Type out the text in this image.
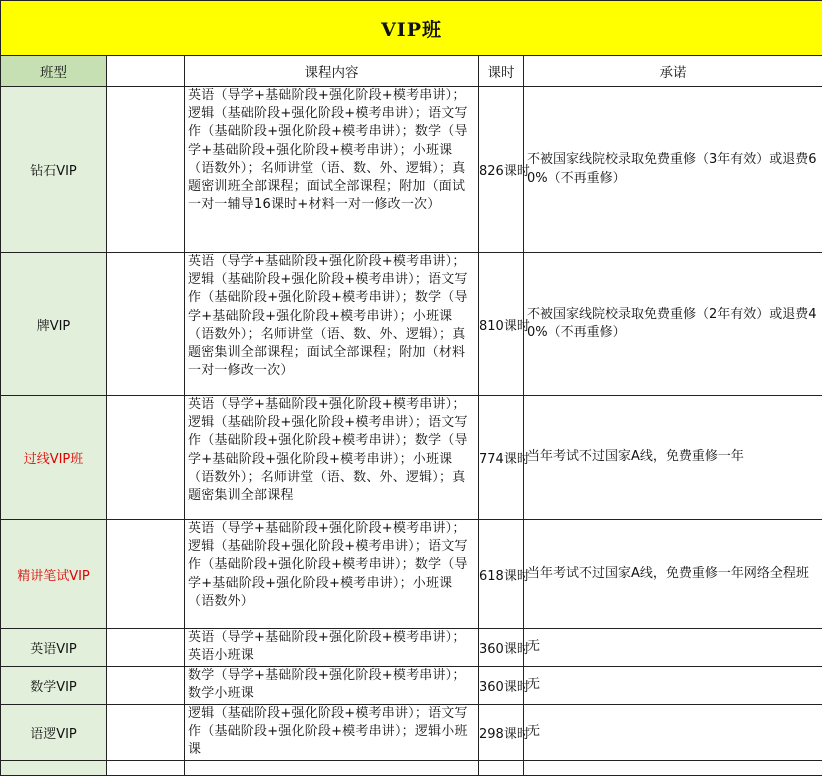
VIP班				
班型		课程内容	课时	承诺
钻石VIP		英语（导学+基础阶段+强化阶段+模考串讲）；逻辑（基础阶段+强化阶段+模考串讲）；语文写作（基础阶段+强化阶段+模考串讲）；数学（导学+基础阶段+强化阶段+模考串讲）；小班课（语数外）；名师讲堂（语、数、外、逻辑）；真题密训班全部课程；面试全部课程；附加（面试一对一辅导16课时+材料一对一修改一次）	826课时	不被国家线院校录取免费重修（3年有效）或退费60%（不再重修）
牌VIP		英语（导学+基础阶段+强化阶段+模考串讲）；逻辑（基础阶段+强化阶段+模考串讲）；语文写作（基础阶段+强化阶段+模考串讲）；数学（导学+基础阶段+强化阶段+模考串讲）；小班课（语数外）；名师讲堂（语、数、外、逻辑）；真题密集训全部课程；面试全部课程；附加（材料一对一修改一次）	810课时	不被国家线院校录取免费重修（2年有效）或退费40%（不再重修）
过线VIP班		英语（导学+基础阶段+强化阶段+模考串讲）；逻辑（基础阶段+强化阶段+模考串讲）；语文写作（基础阶段+强化阶段+模考串讲）；数学（导学+基础阶段+强化阶段+模考串讲）；小班课（语数外）；名师讲堂（语、数、外、逻辑）；真题密集训全部课程	774课时	当年考试不过国家A线，免费重修一年
精讲笔试VIP		英语（导学+基础阶段+强化阶段+模考串讲）；逻辑（基础阶段+强化阶段+模考串讲）；语文写作（基础阶段+强化阶段+模考串讲）；数学（导学+基础阶段+强化阶段+模考串讲）；小班课（语数外）	618课时	当年考试不过国家A线，免费重修一年网络全程班
英语VIP		英语（导学+基础阶段+强化阶段+模考串讲）；英语小班课	360课时	无
数学VIP		数学（导学+基础阶段+强化阶段+模考串讲）；数学小班课	360课时	无
语逻VIP		逻辑（基础阶段+强化阶段+模考串讲）；语文写作（基础阶段+强化阶段+模考串讲）；逻辑小班课	298课时	无
